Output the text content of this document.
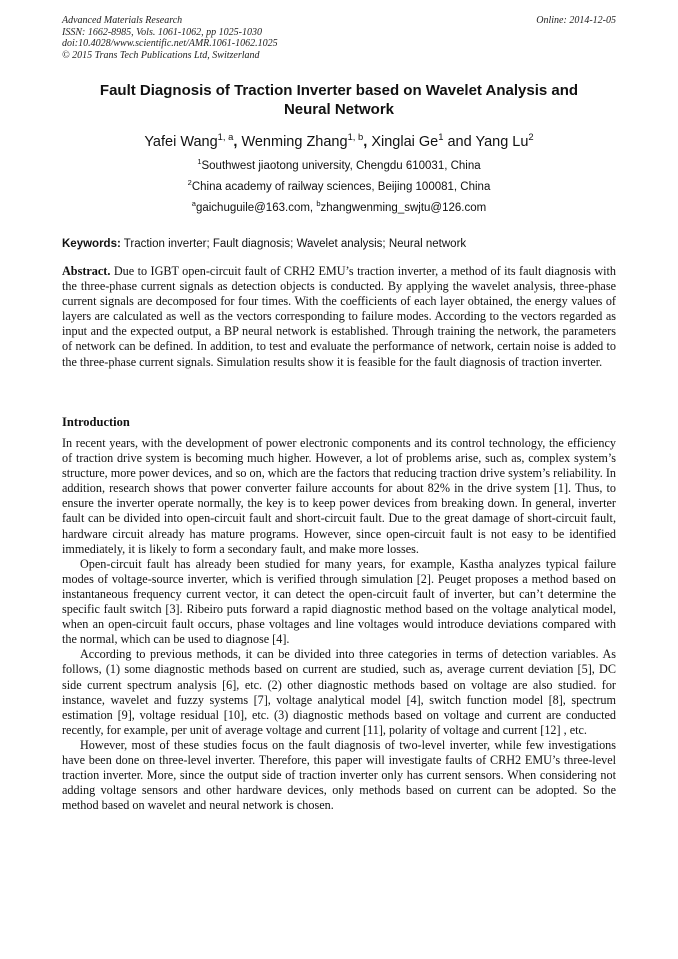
Advanced Materials Research
ISSN: 1662-8985, Vols. 1061-1062, pp 1025-1030
doi:10.4028/www.scientific.net/AMR.1061-1062.1025
© 2015 Trans Tech Publications Ltd, Switzerland
Online: 2014-12-05
Fault Diagnosis of Traction Inverter based on Wavelet Analysis and
Neural Network
Yafei Wang$^{1, a}$, Wenming Zhang$^{1, b}$, Xinglai Ge$^1$ and Yang Lu$^2$
$^1$Southwest jiaotong university, Chengdu 610031, China
$^2$China academy of railway sciences, Beijing 100081, China
$^a$gaichuguile@163.com, $^b$zhangwenming_swjtu@126.com
Keywords: Traction inverter; Fault diagnosis; Wavelet analysis; Neural network

Abstract. Due to IGBT open-circuit fault of CRH2 EMU’s traction inverter, a method of its fault diagnosis with the three-phase current signals as detection objects is conducted. By applying the wavelet analysis, three-phase current signals are decomposed for four times. With the coefficients of each layer obtained, the energy values of layers are calculated as well as the vectors corresponding to failure modes. According to the vectors regarded as input and the expected output, a BP neural network is established. Through training the network, the parameters of network can be defined. In addition, to test and evaluate the performance of network, certain noise is added to the three-phase current signals. Simulation results show it is feasible for the fault diagnosis of traction inverter.

Introduction

In recent years, with the development of power electronic components and its control technology, the efficiency of traction drive system is becoming much higher. However, a lot of problems arise, such as, complex system’s structure, more power devices, and so on, which are the factors that reducing traction drive system’s reliability. In addition, research shows that power converter failure accounts for about 82% in the drive system [1]. Thus, to ensure the inverter operate normally, the key is to keep power devices from breaking down. In general, inverter fault can be divided into open-circuit fault and short-circuit fault. Due to the great damage of short-circuit fault, hardware circuit already has mature programs. However, since open-circuit fault is not easy to be identified immediately, it is likely to form a secondary fault, and make more losses.

Open-circuit fault has already been studied for many years, for example, Kastha analyzes typical failure modes of voltage-source inverter, which is verified through simulation [2]. Peuget proposes a method based on instantaneous frequency current vector, it can detect the open-circuit fault of inverter, but can’t determine the specific fault switch [3]. Ribeiro puts forward a rapid diagnostic method based on the voltage analytical model, when an open-circuit fault occurs, phase voltages and line voltages would introduce deviations compared with the normal, which can be used to diagnose [4].

According to previous methods, it can be divided into three categories in terms of detection variables. As follows, (1) some diagnostic methods based on current are studied, such as, average current deviation [5], DC side current spectrum analysis [6], etc. (2) other diagnostic methods based on voltage are also studied. for instance, wavelet and fuzzy systems [7], voltage analytical model [4], switch function model [8], spectrum estimation [9], voltage residual [10], etc. (3) diagnostic methods based on voltage and current are conducted recently, for example, per unit of average voltage and current [11], polarity of voltage and current [12] , etc.

However, most of these studies focus on the fault diagnosis of two-level inverter, while few investigations have been done on three-level inverter. Therefore, this paper will investigate faults of CRH2 EMU’s three-level traction inverter. More, since the output side of traction inverter only has current sensors. When considering not adding voltage sensors and other hardware devices, only methods based on current can be adopted. So the method based on wavelet and neural network is chosen.
